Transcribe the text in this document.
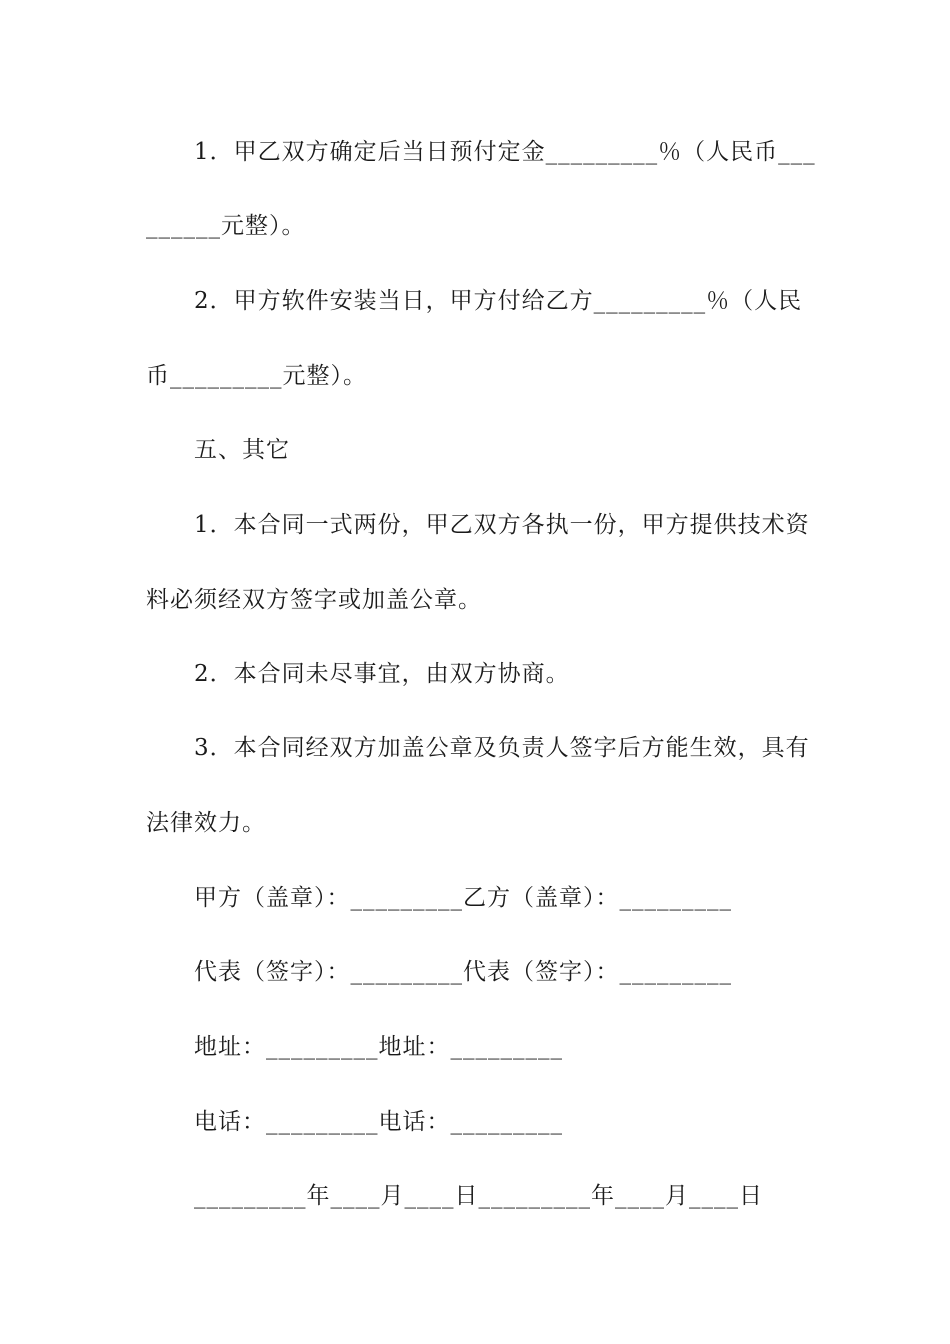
1．甲乙双方确定后当日预付定金_________％（人民币___
______元整）。
2．甲方软件安装当日，甲方付给乙方_________％（人民
币_________元整）。
五、其它
1．本合同一式两份，甲乙双方各执一份，甲方提供技术资
料必须经双方签字或加盖公章。
2．本合同未尽事宜，由双方协商。
3．本合同经双方加盖公章及负责人签字后方能生效，具有
法律效力。
甲方（盖章）：_________乙方（盖章）：_________
代表（签字）：_________代表（签字）：_________
地址：_________地址：_________
电话：_________电话：_________
_________年____月____日_________年____月____日
